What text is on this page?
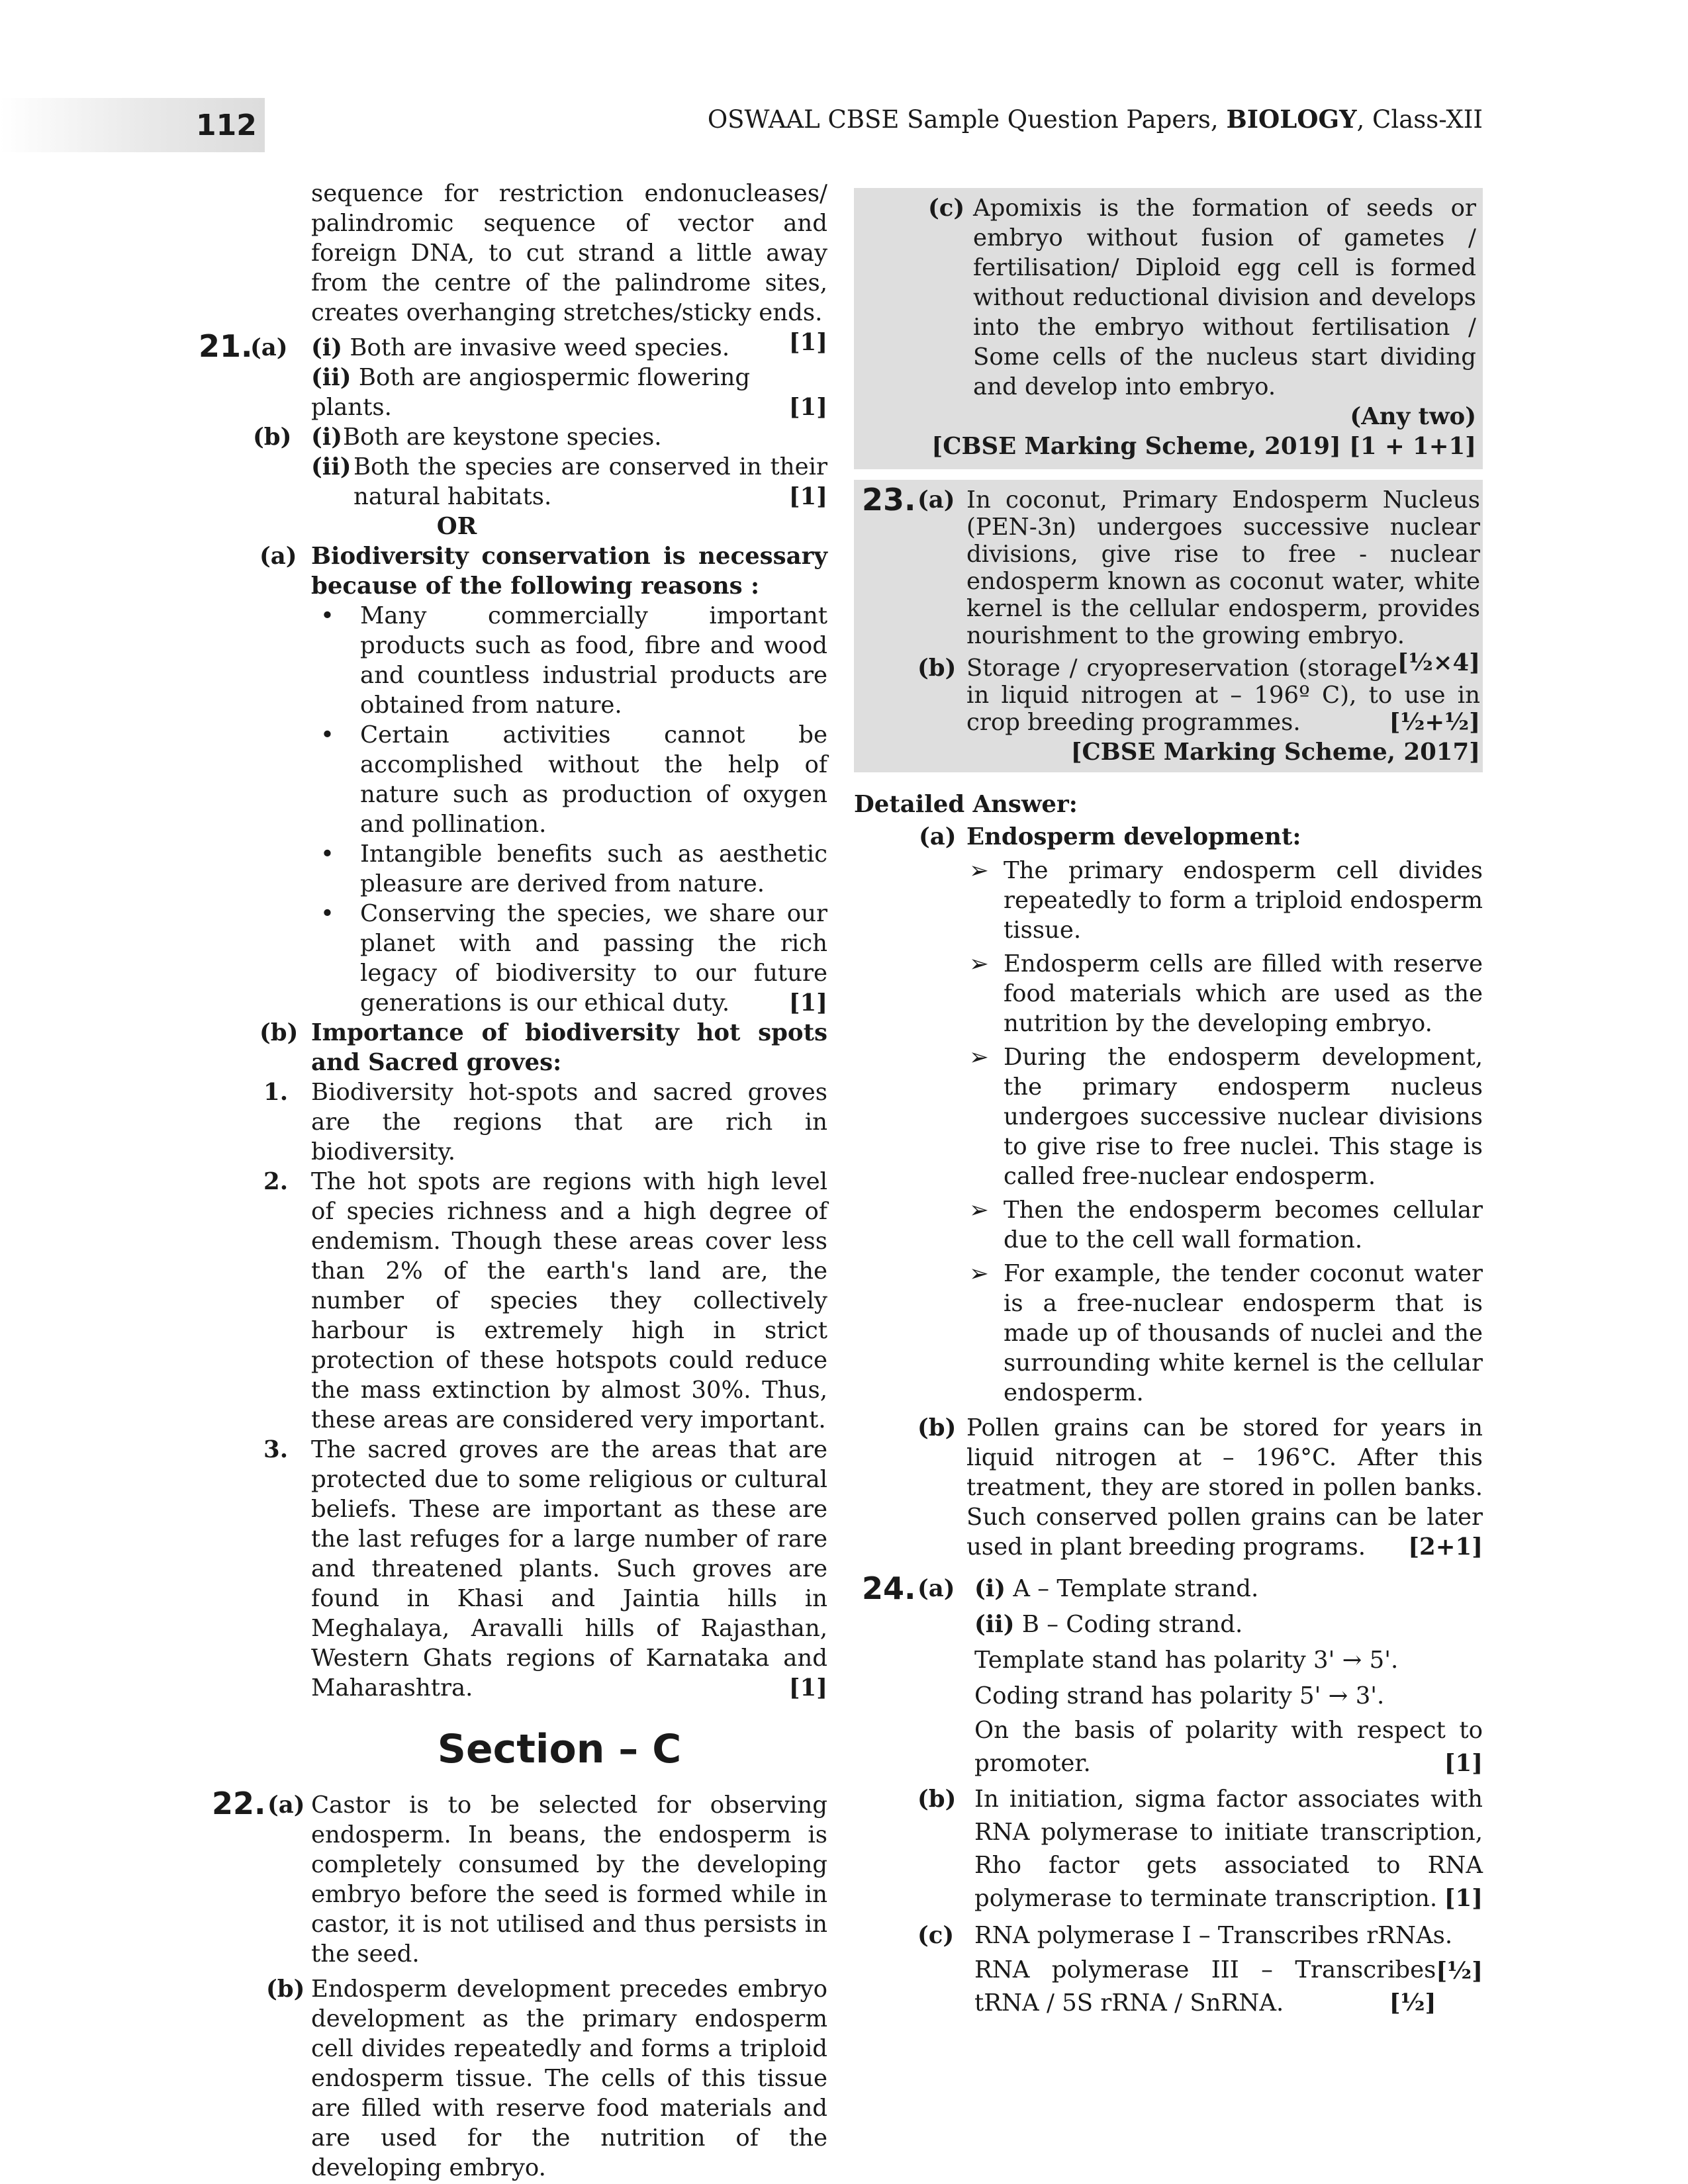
112	OSWAAL CBSE Sample Question Papers, BIOLOGY, Class-XII
sequence for restriction endonucleases/ palindromic sequence of vector and foreign DNA, to cut strand a little away from the centre of the palindrome sites, creates overhanging stretches/sticky ends.
[1]
21.
(a) (i) Both are invasive weed species.
(ii) Both are angiospermic flowering plants.	[1]
(b) (i) Both are keystone species.
(ii) Both the species are conserved in their natural habitats.	[1]
OR
(a) Biodiversity conservation is necessary because of the following reasons :
• Many commercially important products such as food, fibre and wood and countless industrial products are obtained from nature.
• Certain activities cannot be accomplished without the help of nature such as production of oxygen and pollination.
• Intangible benefits such as aesthetic pleasure are derived from nature.
• Conserving the species, we share our planet with and passing the rich legacy of biodiversity to our future generations is our ethical duty.	[1]
(b) Importance of biodiversity hot spots and Sacred groves:
1. Biodiversity hot-spots and sacred groves are the regions that are rich in biodiversity.
2. The hot spots are regions with high level of species richness and a high degree of endemism. Though these areas cover less than 2% of the earth's land are, the number of species they collectively harbour is extremely high in strict protection of these hotspots could reduce the mass extinction by almost 30%. Thus, these areas are considered very important.
3. The sacred groves are the areas that are protected due to some religious or cultural beliefs. These are important as these are the last refuges for a large number of rare and threatened plants. Such groves are found in Khasi and Jaintia hills in Meghalaya, Aravalli hills of Rajasthan, Western Ghats regions of Karnataka and Maharashtra.	[1]
Section – C
22. (a) Castor is to be selected for observing endosperm. In beans, the endosperm is completely consumed by the developing embryo before the seed is formed while in castor, it is not utilised and thus persists in the seed.
(b) Endosperm development precedes embryo development as the primary endosperm cell divides repeatedly and forms a triploid endosperm tissue. The cells of this tissue are filled with reserve food materials and are used for the nutrition of the developing embryo.
(c) Apomixis is the formation of seeds or embryo without fusion of gametes / fertilisation/ Diploid egg cell is formed without reductional division and develops into the embryo without fertilisation / Some cells of the nucleus start dividing and develop into embryo.
(Any two)
[CBSE Marking Scheme, 2019] [1 + 1+1]
23. (a) In coconut, Primary Endosperm Nucleus (PEN-3n) undergoes successive nuclear divisions, give rise to free - nuclear endosperm known as coconut water, white kernel is the cellular endosperm, provides nourishment to the growing embryo.
[½×4]
(b) Storage / cryopreservation (storage in liquid nitrogen at – 196º C), to use in crop breeding programmes.	[½+½]
[CBSE Marking Scheme, 2017]
Detailed Answer:
(a) Endosperm development:
➢ The primary endosperm cell divides repeatedly to form a triploid endosperm tissue.
➢ Endosperm cells are filled with reserve food materials which are used as the nutrition by the developing embryo.
➢ During the endosperm development, the primary endosperm nucleus undergoes successive nuclear divisions to give rise to free nuclei. This stage is called free-nuclear endosperm.
➢ Then the endosperm becomes cellular due to the cell wall formation.
➢ For example, the tender coconut water is a free-nuclear endosperm that is made up of thousands of nuclei and the surrounding white kernel is the cellular endosperm.
(b) Pollen grains can be stored for years in liquid nitrogen at – 196°C. After this treatment, they are stored in pollen banks. Such conserved pollen grains can be later used in plant breeding programs. [2+1]
24. (a) (i) A – Template strand.
(ii) B – Coding strand.
Template stand has polarity 3' → 5'.
Coding strand has polarity 5' → 3'.
On the basis of polarity with respect to promoter.	[1]
(b) In initiation, sigma factor associates with RNA polymerase to initiate transcription, Rho factor gets associated to RNA polymerase to terminate transcription. [1]
(c) RNA polymerase I – Transcribes rRNAs.
[½]
RNA polymerase III – Transcribes tRNA / 5S rRNA / SnRNA.	[½]
